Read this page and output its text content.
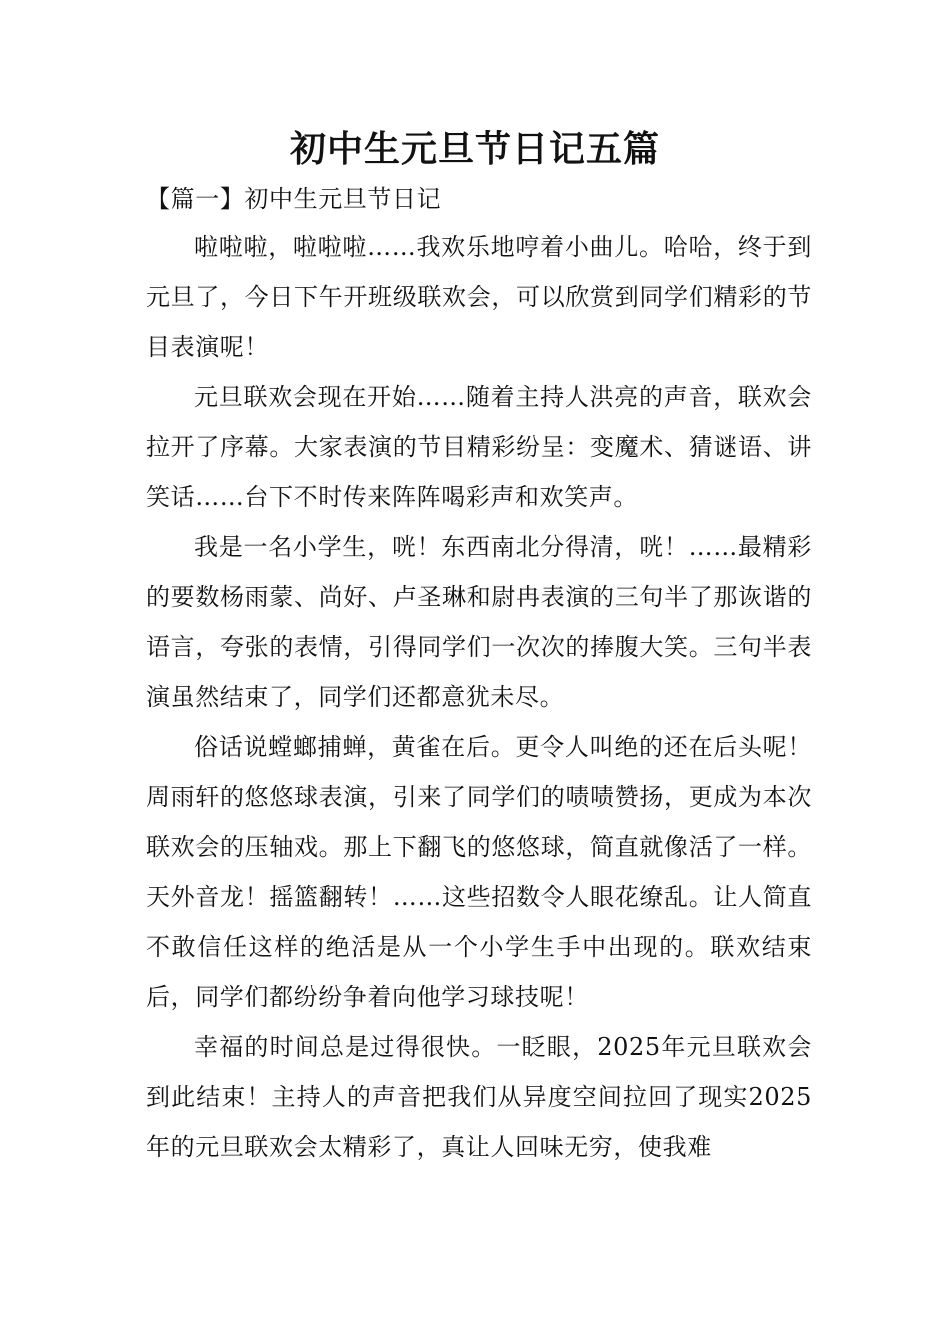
初中生元旦节日记五篇
【篇一】初中生元旦节日记

啦啦啦，啦啦啦……我欢乐地哼着小曲儿。哈哈，终于到元旦了，今日下午开班级联欢会，可以欣赏到同学们精彩的节目表演呢！

元旦联欢会现在开始……随着主持人洪亮的声音，联欢会拉开了序幕。大家表演的节目精彩纷呈：变魔术、猜谜语、讲笑话……台下不时传来阵阵喝彩声和欢笑声。

我是一名小学生，咣！东西南北分得清，咣！……最精彩的要数杨雨蒙、尚好、卢圣琳和尉冉表演的三句半了那诙谐的语言，夸张的表情，引得同学们一次次的捧腹大笑。三句半表演虽然结束了，同学们还都意犹未尽。

俗话说螳螂捕蝉，黄雀在后。更令人叫绝的还在后头呢！周雨轩的悠悠球表演，引来了同学们的啧啧赞扬，更成为本次联欢会的压轴戏。那上下翻飞的悠悠球，简直就像活了一样。天外音龙！摇篮翻转！……这些招数令人眼花缭乱。让人简直不敢信任这样的绝活是从一个小学生手中出现的。联欢结束后，同学们都纷纷争着向他学习球技呢！

幸福的时间总是过得很快。一眨眼，2025年元旦联欢会到此结束！主持人的声音把我们从异度空间拉回了现实2025年的元旦联欢会太精彩了，真让人回味无穷，使我难
